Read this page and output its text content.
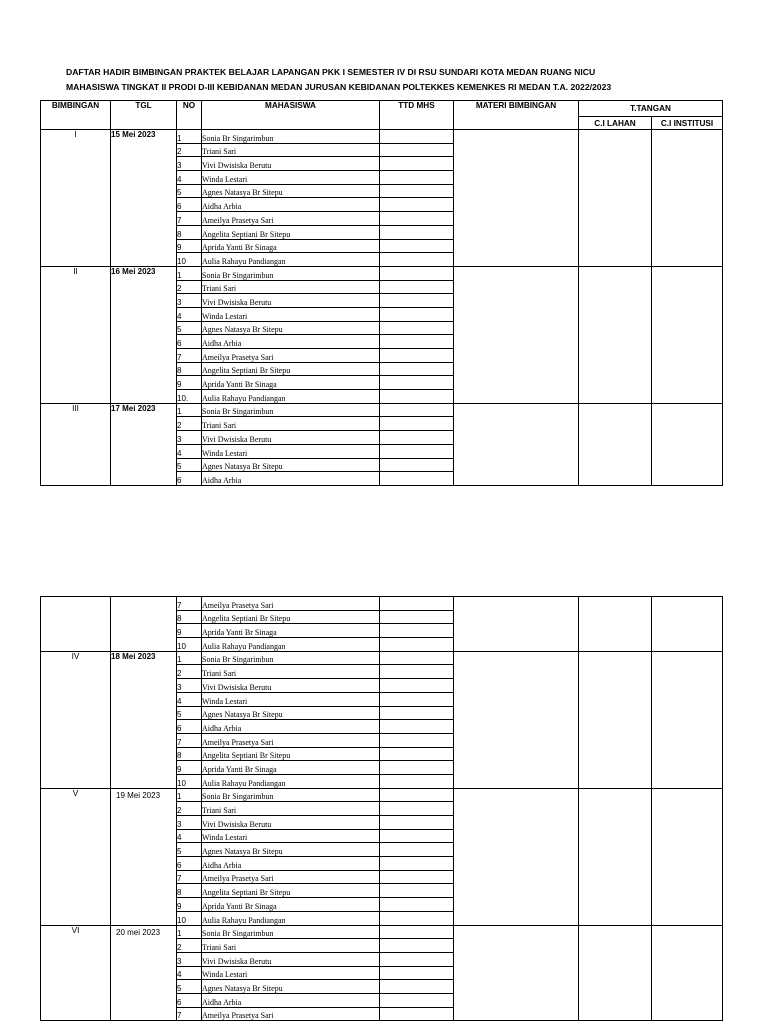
DAFTAR HADIR BIMBINGAN PRAKTEK BELAJAR LAPANGAN PKK I SEMESTER IV DI RSU SUNDARI KOTA MEDAN RUANG NICU
MAHASISWA TINGKAT II PRODI D-III KEBIDANAN MEDAN JURUSAN KEBIDANAN POLTEKKES KEMENKES RI MEDAN T.A. 2022/2023
BIMBINGAN	TGL	NO	MAHASISWA	TTD MHS	MATERI BIMBINGAN	T.TANGAN	
						C.I LAHAN	C.I INSTITUSI
I	15 Mei 2023	1	Sonia Br Singarimbun				
		2	Triani Sari				
		3	Vivi Dwisiska Berutu				
		4	Winda Lestari				
		5	Agnes Natasya Br Sitepu				
		6	Aidha Arbia				
		7	Ameilya Prasetya Sari				
		8	Angelita Septiani Br Sitepu				
		9	Aprida Yanti Br Sinaga				
		10	Aulia Rahayu Pandiangan				
II	16 Mei 2023	1	Sonia Br Singarimbun				
		2	Triani Sari				
		3	Vivi Dwisiska Berutu				
		4	Winda Lestari				
		5	Agnes Natasya Br Sitepu				
		6	Aidha Arbia				
		7	Ameilya Prasetya Sari				
		8	Angelita Septiani Br Sitepu				
		9	Aprida Yanti Br Sinaga				
		10.	Aulia Rahayu Pandiangan				
III	17 Mei 2023	1	Sonia Br Singarimbun				
		2	Triani Sari				
		3	Vivi Dwisiska Berutu				
		4	Winda Lestari				
		5	Agnes Natasya Br Sitepu				
		6	Aidha Arbia				
		7	Ameilya Prasetya Sari				
		8	Angelita Septiani Br Sitepu				
		9	Aprida Yanti Br Sinaga				
		10	Aulia Rahayu Pandiangan				
IV	18 Mei 2023	1	Sonia Br Singarimbun				
		2	Triani Sari				
		3	Vivi Dwisiska Berutu				
		4	Winda Lestari				
		5	Agnes Natasya Br Sitepu				
		6	Aidha Arbia				
		7	Ameilya Prasetya Sari				
		8	Angelita Septiani Br Sitepu				
		9	Aprida Yanti Br Sinaga				
		10	Aulia Rahayu Pandiangan				
V	19 Mei 2023	1	Sonia Br Singarimbun				
		2	Triani Sari				
		3	Vivi Dwisiska Berutu				
		4	Winda Lestari				
		5	Agnes Natasya Br Sitepu				
		6	Aidha Arbia				
		7	Ameilya Prasetya Sari				
		8	Angelita Septiani Br Sitepu				
		9	Aprida Yanti Br Sinaga				
		10	Aulia Rahayu Pandiangan				
VI	20 mei 2023	1	Sonia Br Singarimbun				
		2	Triani Sari				
		3	Vivi Dwisiska Berutu				
		4	Winda Lestari				
		5	Agnes Natasya Br Sitepu				
		6	Aidha Arbia				
		7	Ameilya Prasetya Sari				
